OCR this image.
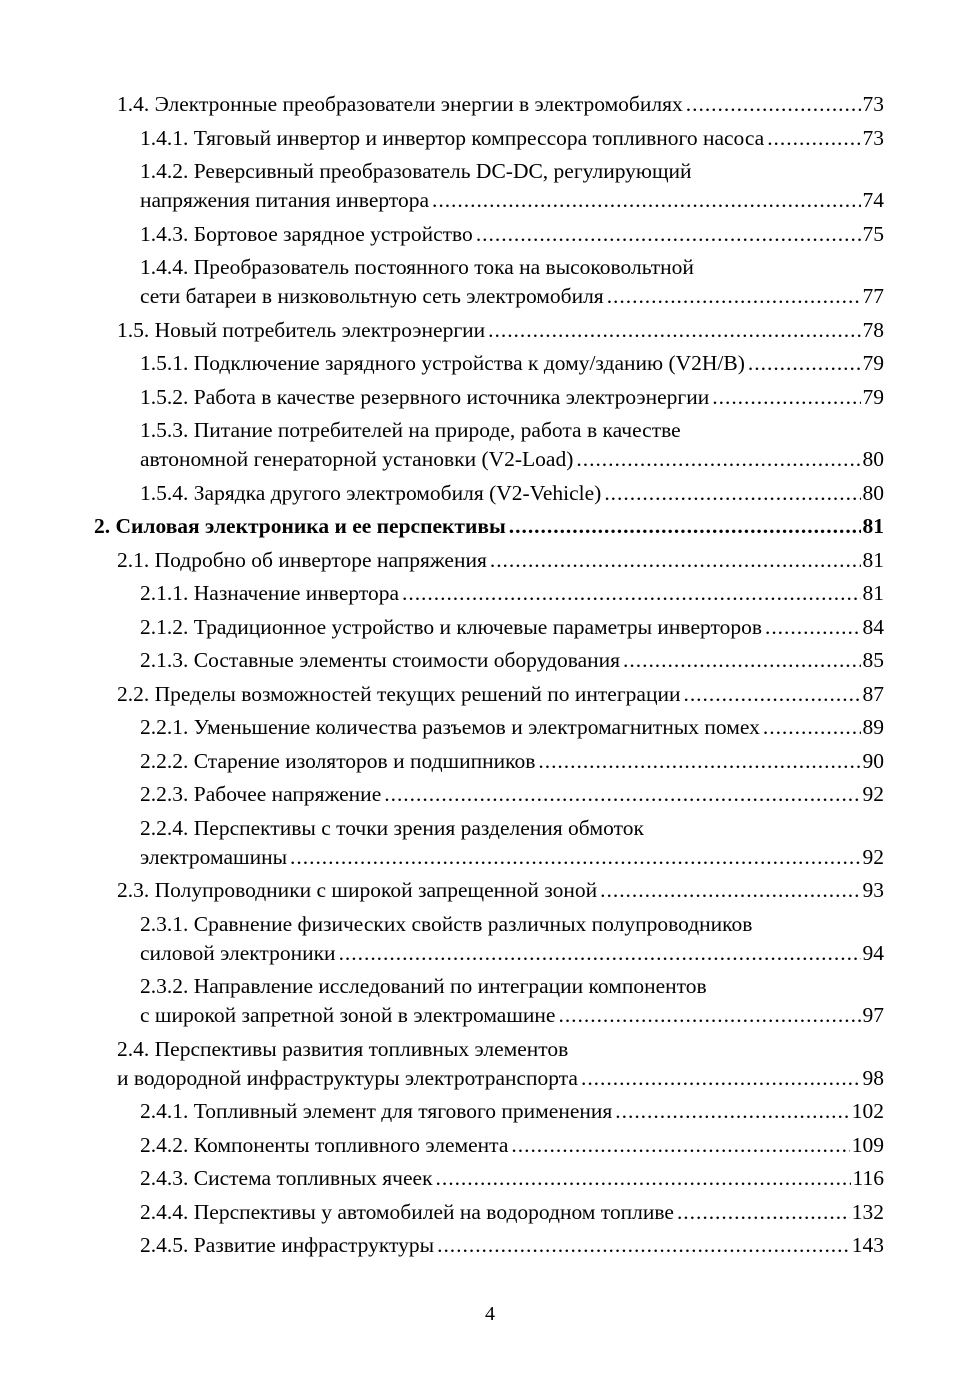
1.4. Электронные преобразователи энергии в электромобилях . . .	73
1.4.1. Тяговый инвертор и инвертор компрессора топливного насоса . . .	73
1.4.2. Реверсивный преобразователь DC-DC, регулирующий
напряжения питания инвертора . . .	74
1.4.3. Бортовое зарядное устройство . . .	75
1.4.4. Преобразователь постоянного тока на высоковольтной
сети батареи в низковольтную сеть электромобиля . . .	77
1.5. Новый потребитель электроэнергии . . .	78
1.5.1. Подключение зарядного устройства к дому/зданию (V2H/B) . . .	79
1.5.2. Работа в качестве резервного источника электроэнергии . . .	79
1.5.3. Питание потребителей на природе, работа в качестве
автономной генераторной установки (V2-Load) . . .	80
1.5.4. Зарядка другого электромобиля (V2-Vehicle) . . .	80
2. Силовая электроника и ее перспективы . . .	81
2.1. Подробно об инверторе напряжения . . .	81
2.1.1. Назначение инвертора . . .	81
2.1.2. Традиционное устройство и ключевые параметры инверторов . . .	84
2.1.3. Составные элементы стоимости оборудования . . .	85
2.2. Пределы возможностей текущих решений по интеграции . . .	87
2.2.1. Уменьшение количества разъемов и электромагнитных помех . . .	89
2.2.2. Старение изоляторов и подшипников . . .	90
2.2.3. Рабочее напряжение . . .	92
2.2.4. Перспективы с точки зрения разделения обмоток
электромашины . . .	92
2.3. Полупроводники с широкой запрещенной зоной . . .	93
2.3.1. Сравнение физических свойств различных полупроводников
силовой электроники . . .	94
2.3.2. Направление исследований по интеграции компонентов
с широкой запретной зоной в электромашине . . .	97
2.4. Перспективы развития топливных элементов
и водородной инфраструктуры электротранспорта . . .	98
2.4.1. Топливный элемент для тягового применения . . .	102
2.4.2. Компоненты топливного элемента . . .	109
2.4.3. Система топливных ячеек . . .	116
2.4.4. Перспективы у автомобилей на водородном топливе . . .	132
2.4.5. Развитие инфраструктуры . . .	143
4
